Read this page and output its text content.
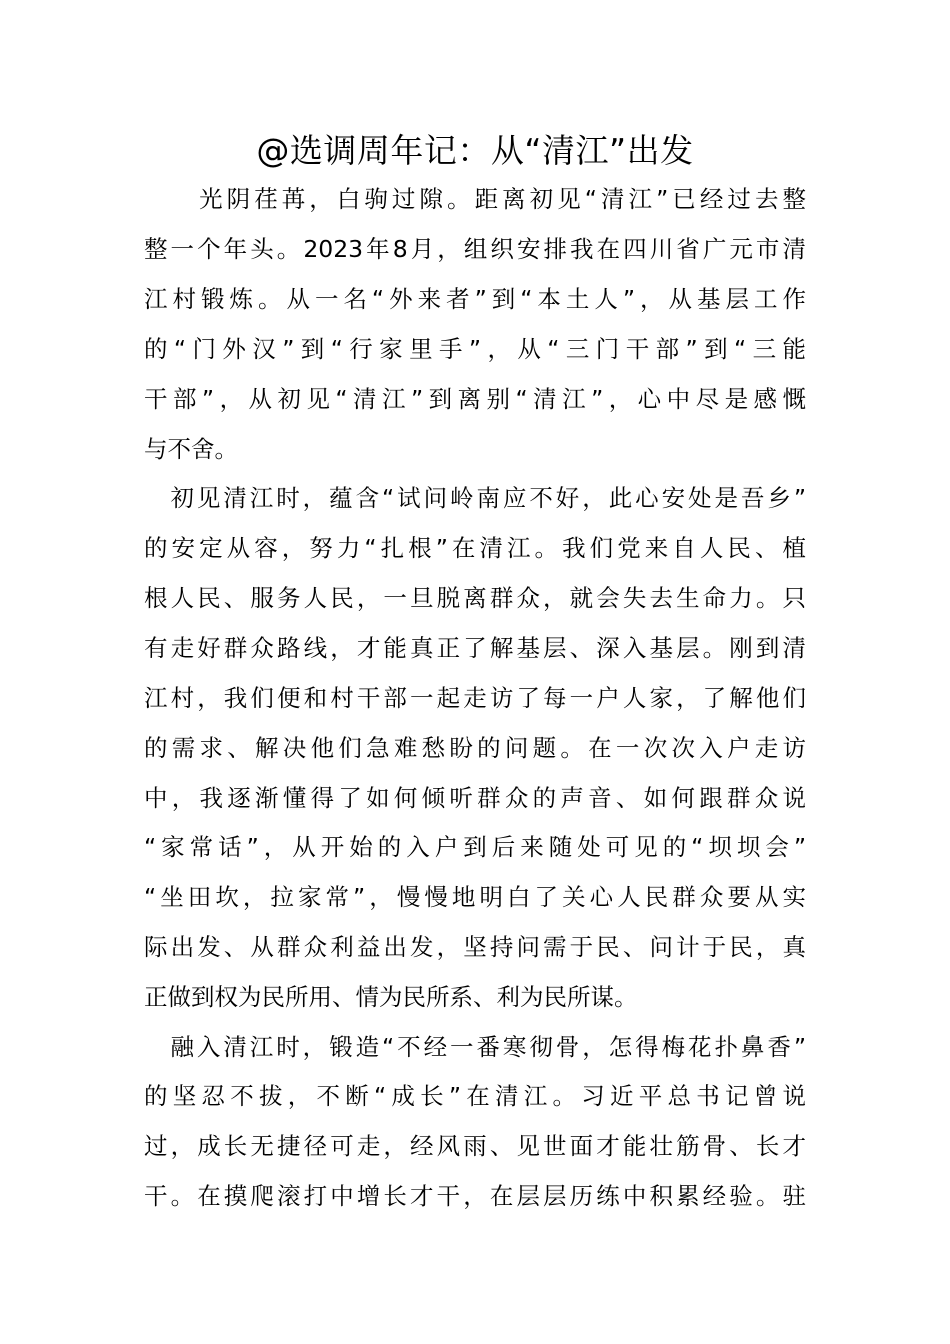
@选调周年记：从“清江”出发
　　光阴荏苒，白驹过隙。距离初见“清江”已经过去整
整一个年头。2023年8月，组织安排我在四川省广元市清
江村锻炼。从一名“外来者”到“本土人”，从基层工作
的“门外汉”到“行家里手”，从“三门干部”到“三能
干部”，从初见“清江”到离别“清江”，心中尽是感慨
与不舍。
　初见清江时，蕴含“试问岭南应不好，此心安处是吾乡”
的安定从容，努力“扎根”在清江。我们党来自人民、植
根人民、服务人民，一旦脱离群众，就会失去生命力。只
有走好群众路线，才能真正了解基层、深入基层。刚到清
江村，我们便和村干部一起走访了每一户人家，了解他们
的需求、解决他们急难愁盼的问题。在一次次入户走访
中，我逐渐懂得了如何倾听群众的声音、如何跟群众说
“家常话”，从开始的入户到后来随处可见的“坝坝会”
“坐田坎，拉家常”，慢慢地明白了关心人民群众要从实
际出发、从群众利益出发，坚持问需于民、问计于民，真
正做到权为民所用、情为民所系、利为民所谋。
　融入清江时，锻造“不经一番寒彻骨，怎得梅花扑鼻香”
的坚忍不拔，不断“成长”在清江。习近平总书记曾说
过，成长无捷径可走，经风雨、见世面才能壮筋骨、长才
干。在摸爬滚打中增长才干，在层层历练中积累经验。驻
